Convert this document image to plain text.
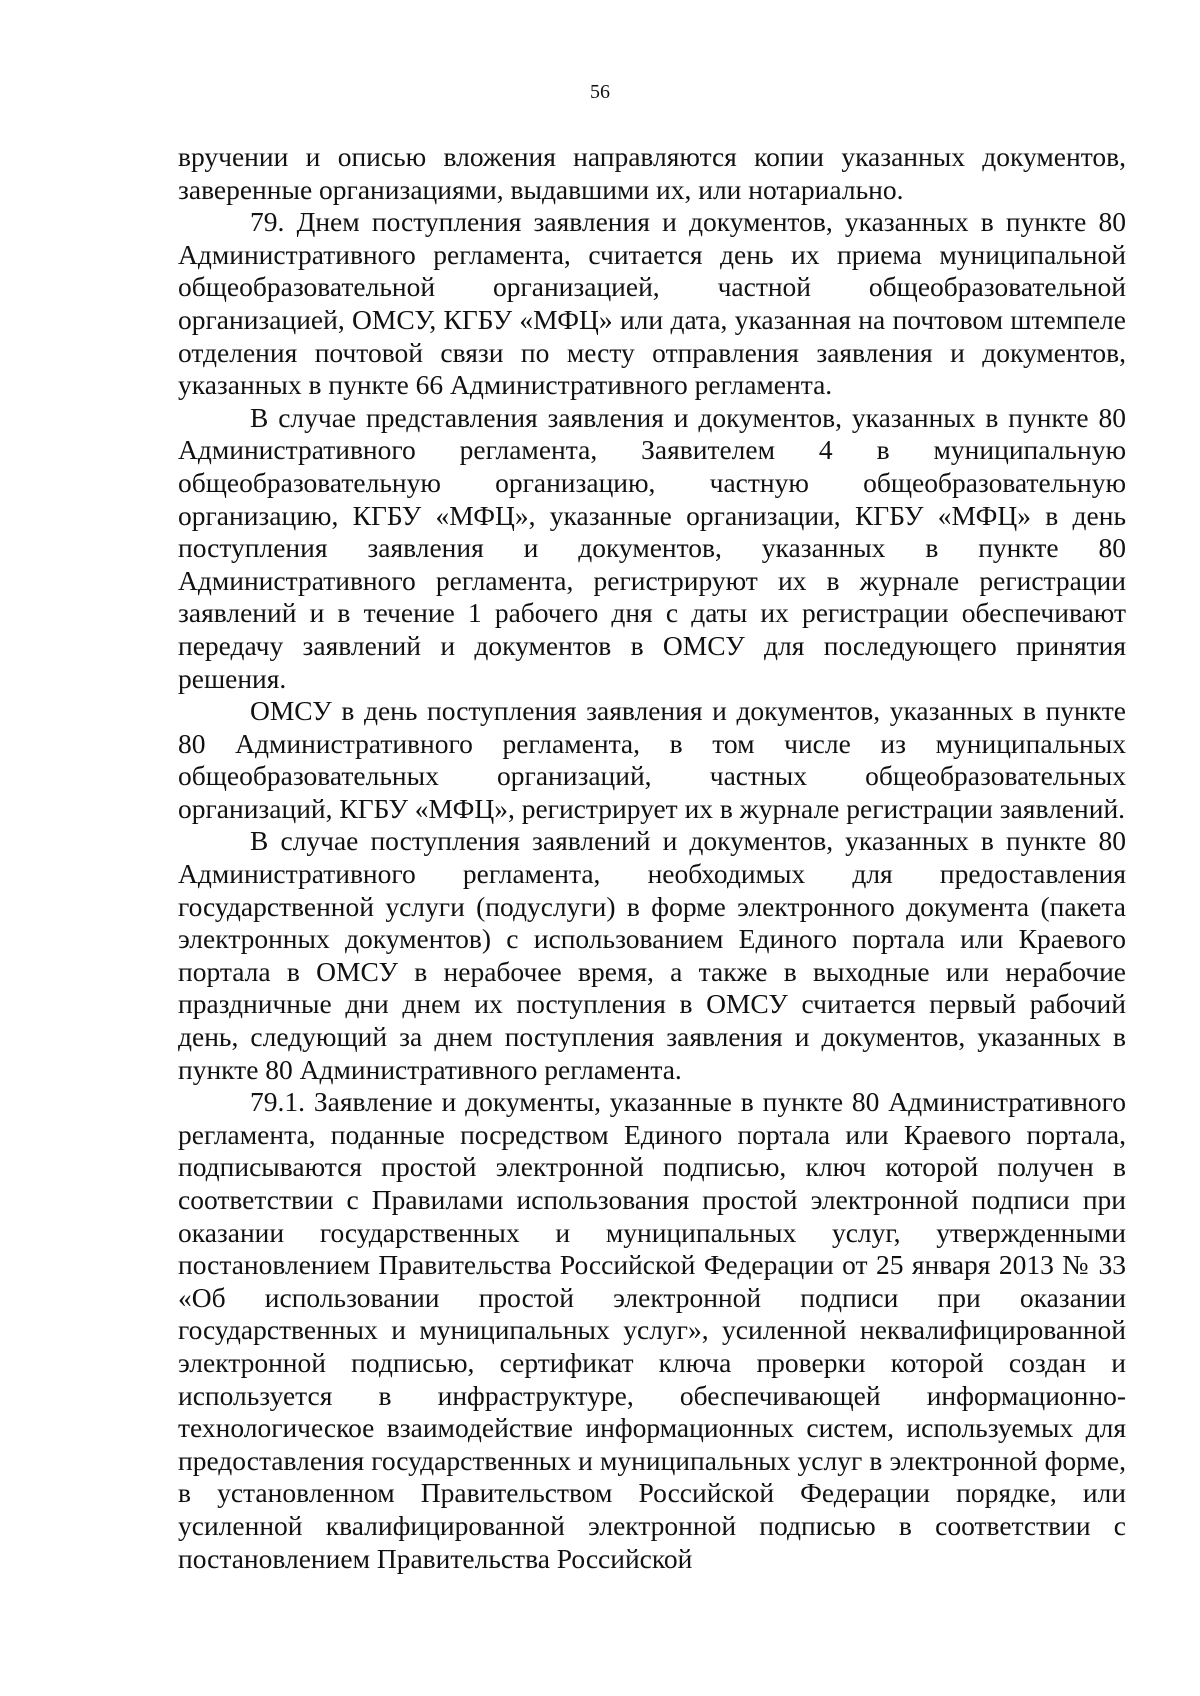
56

вручении и описью вложения направляются копии указанных документов, заверенные организациями, выдавшими их, или нотариально.

79. Днем поступления заявления и документов, указанных в пункте 80 Административного регламента, считается день их приема муниципальной общеобразовательной организацией, частной общеобразовательной организацией, ОМСУ, КГБУ «МФЦ» или дата, указанная на почтовом штемпеле отделения почтовой связи по месту отправления заявления и документов, указанных в пункте 66 Административного регламента.

В случае представления заявления и документов, указанных в пункте 80 Административного регламента, Заявителем 4 в муниципальную общеобразовательную организацию, частную общеобразовательную организацию, КГБУ «МФЦ», указанные организации, КГБУ «МФЦ» в день поступления заявления и документов, указанных в пункте 80 Административного регламента, регистрируют их в журнале регистрации заявлений и в течение 1 рабочего дня с даты их регистрации обеспечивают передачу заявлений и документов в ОМСУ для последующего принятия решения.

ОМСУ в день поступления заявления и документов, указанных в пункте 80 Административного регламента, в том числе из муниципальных общеобразовательных организаций, частных общеобразовательных организаций, КГБУ «МФЦ», регистрирует их в журнале регистрации заявлений.

В случае поступления заявлений и документов, указанных в пункте 80 Административного регламента, необходимых для предоставления государственной услуги (подуслуги) в форме электронного документа (пакета электронных документов) с использованием Единого портала или Краевого портала в ОМСУ в нерабочее время, а также в выходные или нерабочие праздничные дни днем их поступления в ОМСУ считается первый рабочий день, следующий за днем поступления заявления и документов, указанных в пункте 80 Административного регламента.

79.1. Заявление и документы, указанные в пункте 80 Административного регламента, поданные посредством Единого портала или Краевого портала, подписываются простой электронной подписью, ключ которой получен в соответствии с Правилами использования простой электронной подписи при оказании государственных и муниципальных услуг, утвержденными постановлением Правительства Российской Федерации от 25 января 2013 № 33 «Об использовании простой электронной подписи при оказании государственных и муниципальных услуг», усиленной неквалифицированной электронной подписью, сертификат ключа проверки которой создан и используется в инфраструктуре, обеспечивающей информационно-технологическое взаимодействие информационных систем, используемых для предоставления государственных и муниципальных услуг в электронной форме, в установленном Правительством Российской Федерации порядке, или усиленной квалифицированной электронной подписью в соответствии с постановлением Правительства Российской
